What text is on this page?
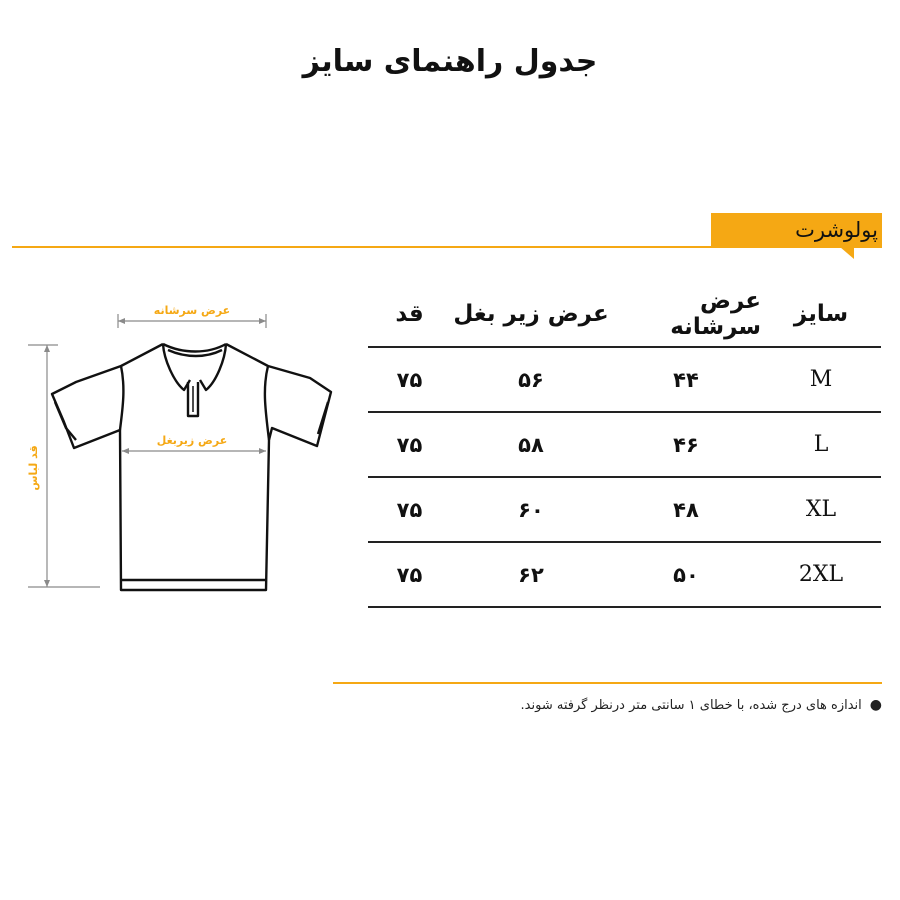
جدول راهنمای سایز
پولوشرت
عرض سرشانه
قد لباس
عرض زیربغل
سایز
عرض سرشانه
عرض زیر بغل
قد
M
۴۴
۵۶
۷۵
L
۴۶
۵۸
۷۵
XL
۴۸
۶۰
۷۵
2XL
۵۰
۶۲
۷۵
●اندازه های درج شده، با خطای ۱ سانتی متر درنظر گرفته شوند.
